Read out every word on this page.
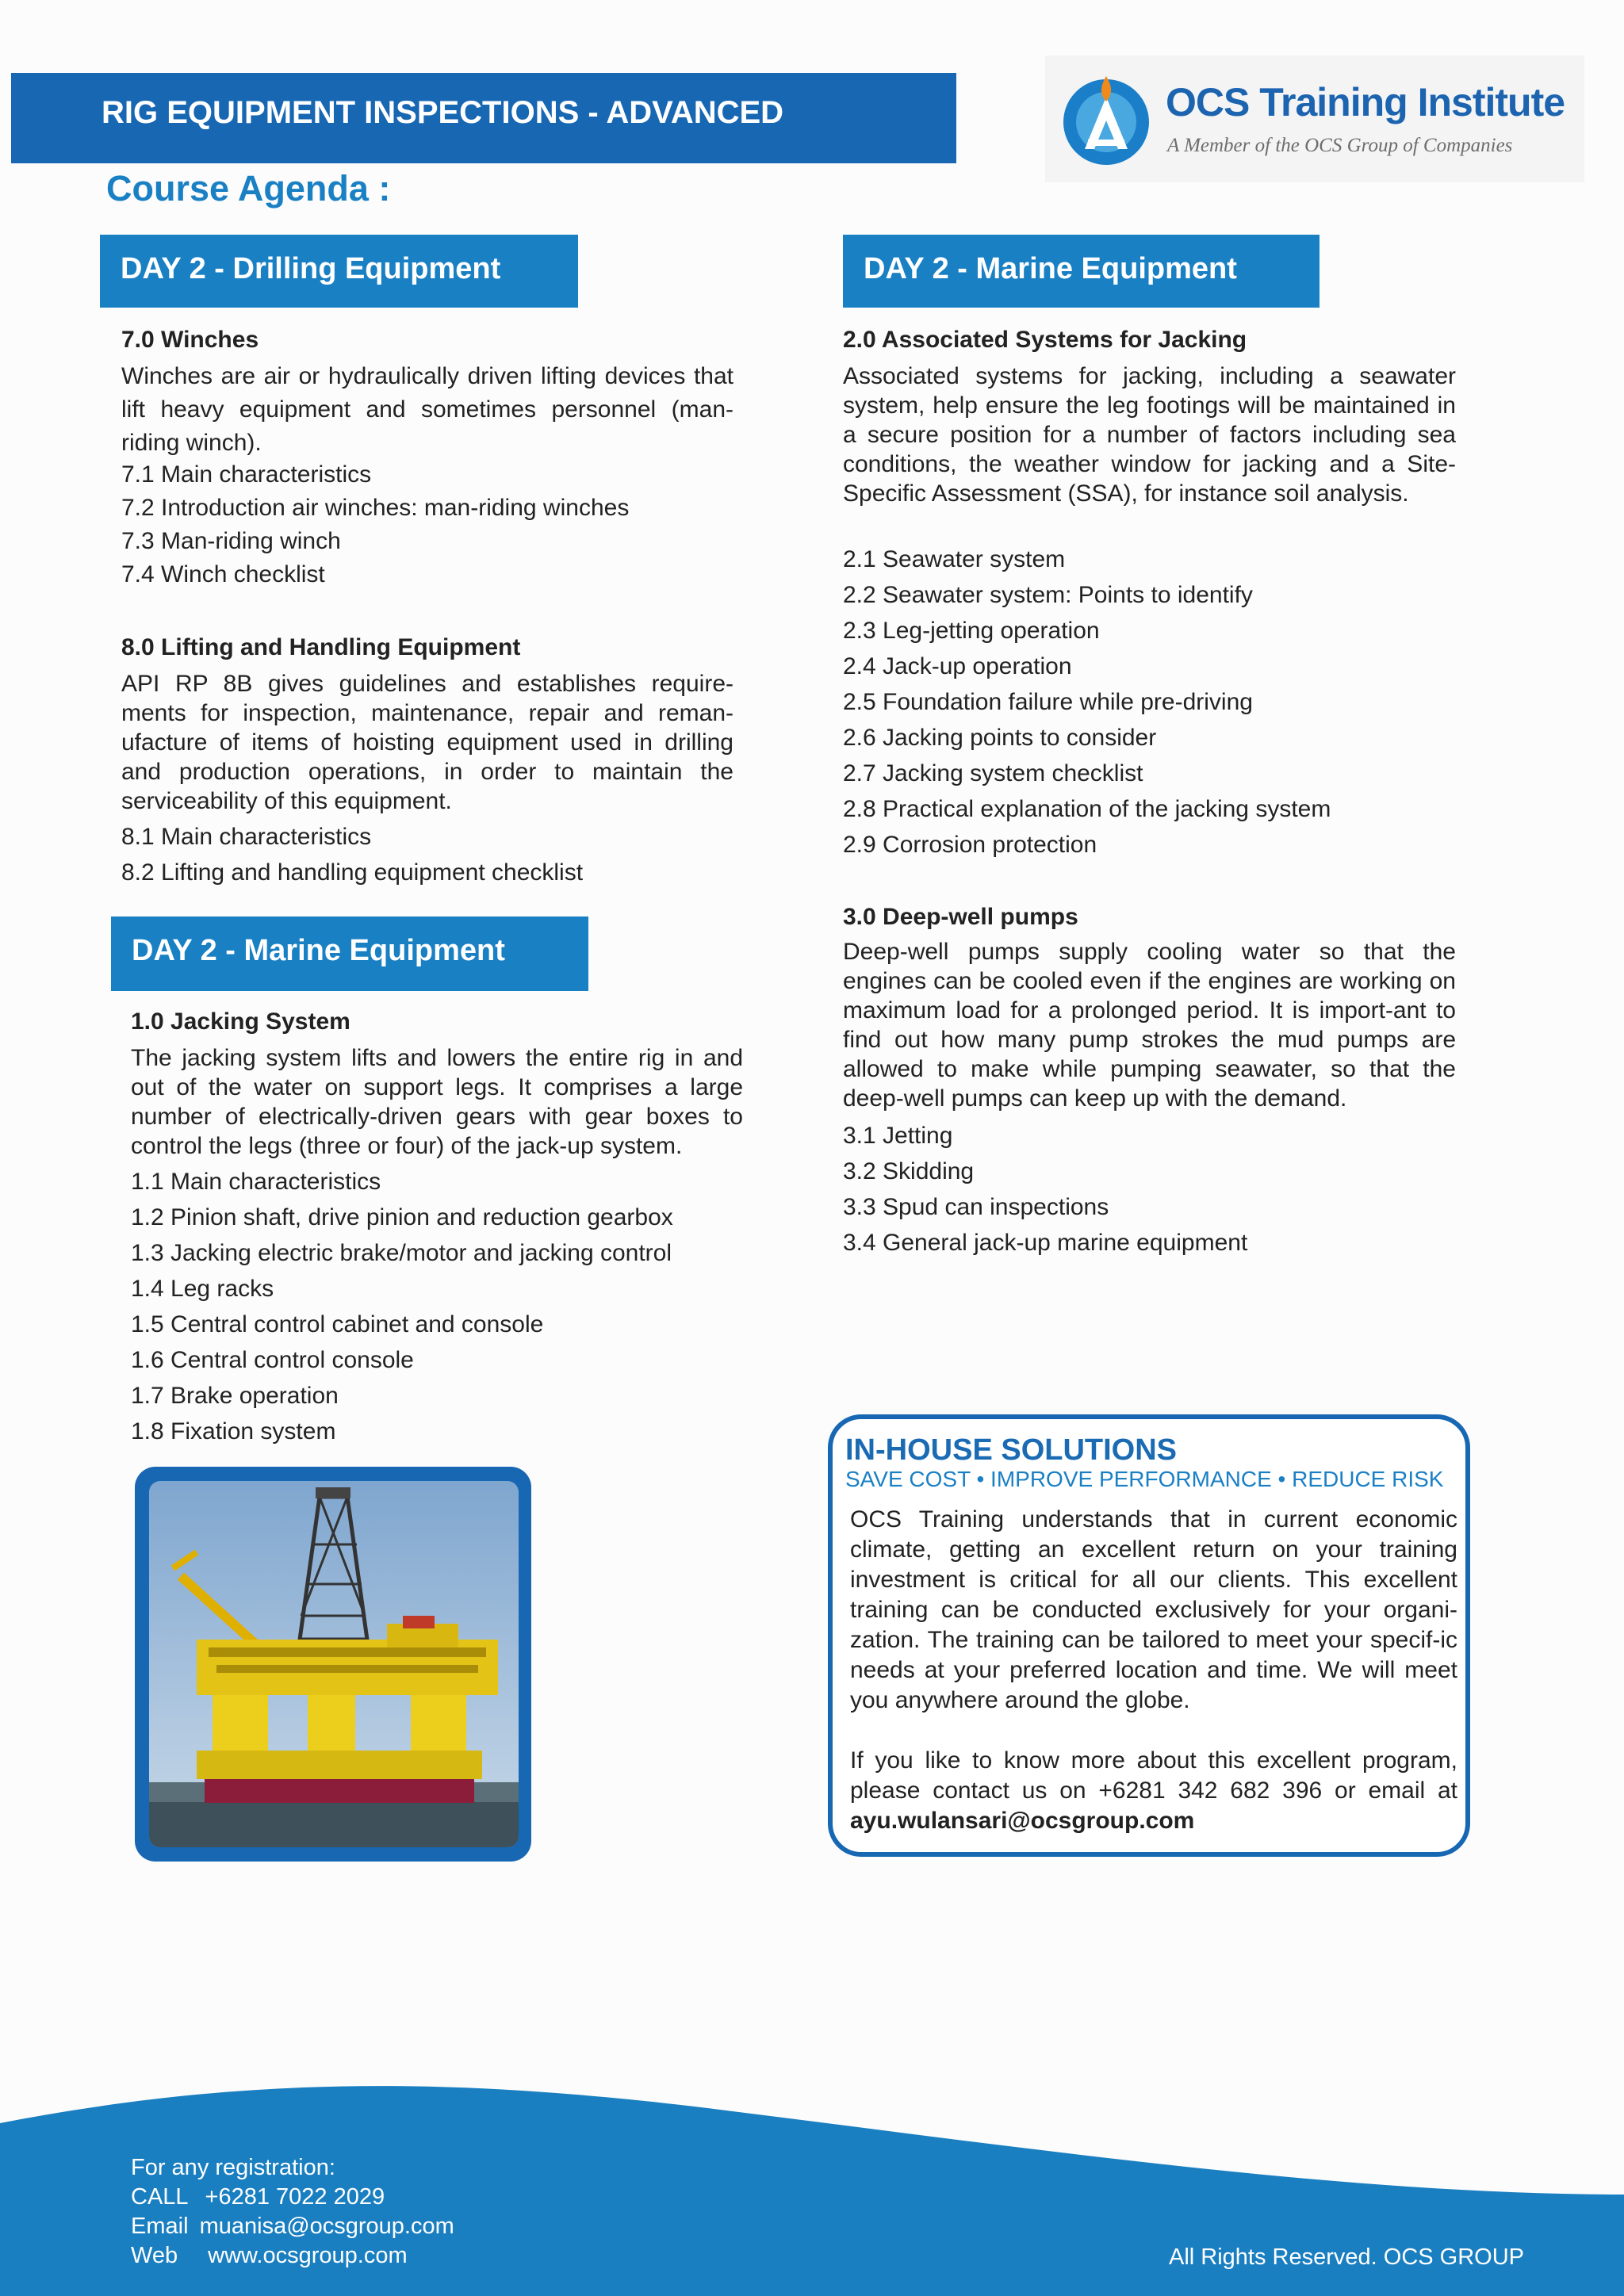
RIG EQUIPMENT INSPECTIONS - ADVANCED	OCS Training Institute
A Member of the OCS Group of Companies
Course Agenda :
DAY 2 - Drilling Equipment
7.0 Winches
Winches are air or hydraulically driven lifting devices that lift heavy equipment and sometimes personnel (man-riding winch).
7.1 Main characteristics
7.2 Introduction air winches: man-riding winches
7.3 Man-riding winch
7.4 Winch checklist
8.0 Lifting and Handling Equipment
API RP 8B gives guidelines and establishes require-ments for inspection, maintenance, repair and reman-ufacture of items of hoisting equipment used in drilling and production operations, in order to maintain the serviceability of this equipment.
8.1 Main characteristics
8.2 Lifting and handling equipment checklist
DAY 2 - Marine Equipment
1.0 Jacking System
The jacking system lifts and lowers the entire rig in and out of the water on support legs. It comprises a large number of electrically-driven gears with gear boxes to control the legs (three or four) of the jack-up system.
1.1 Main characteristics
1.2 Pinion shaft, drive pinion and reduction gearbox
1.3 Jacking electric brake/motor and jacking control
1.4 Leg racks
1.5 Central control cabinet and console
1.6 Central control console
1.7 Brake operation
1.8 Fixation system
DAY 2 - Marine Equipment
2.0 Associated Systems for Jacking
Associated systems for jacking, including a seawater system, help ensure the leg footings will be maintained in a secure position for a number of factors including sea conditions, the weather window for jacking and a Site-Specific Assessment (SSA), for instance soil analysis.
2.1 Seawater system
2.2 Seawater system: Points to identify
2.3 Leg-jetting operation
2.4 Jack-up operation
2.5 Foundation failure while pre-driving
2.6 Jacking points to consider
2.7 Jacking system checklist
2.8 Practical explanation of the jacking system
2.9 Corrosion protection
3.0 Deep-well pumps
Deep-well pumps supply cooling water so that the engines can be cooled even if the engines are working on maximum load for a prolonged period. It is import-ant to find out how many pump strokes the mud pumps are allowed to make while pumping seawater, so that the deep-well pumps can keep up with the demand.
3.1 Jetting
3.2 Skidding
3.3 Spud can inspections
3.4 General jack-up marine equipment
IN-HOUSE SOLUTIONS
SAVE COST • IMPROVE PERFORMANCE • REDUCE RISK

OCS Training understands that in current economic climate, getting an excellent return on your training investment is critical for all our clients. This excellent training can be conducted exclusively for your organi-zation. The training can be tailored to meet your specif-ic needs at your preferred location and time. We will meet you anywhere around the globe.

If you like to know more about this excellent program, please contact us on +6281 342 682 396 or email at ayu.wulansari@ocsgroup.com

For any registration:
CALL +6281 7022 2029
Email muanisa@ocsgroup.com
Web www.ocsgroup.com	All Rights Reserved. OCS GROUP
